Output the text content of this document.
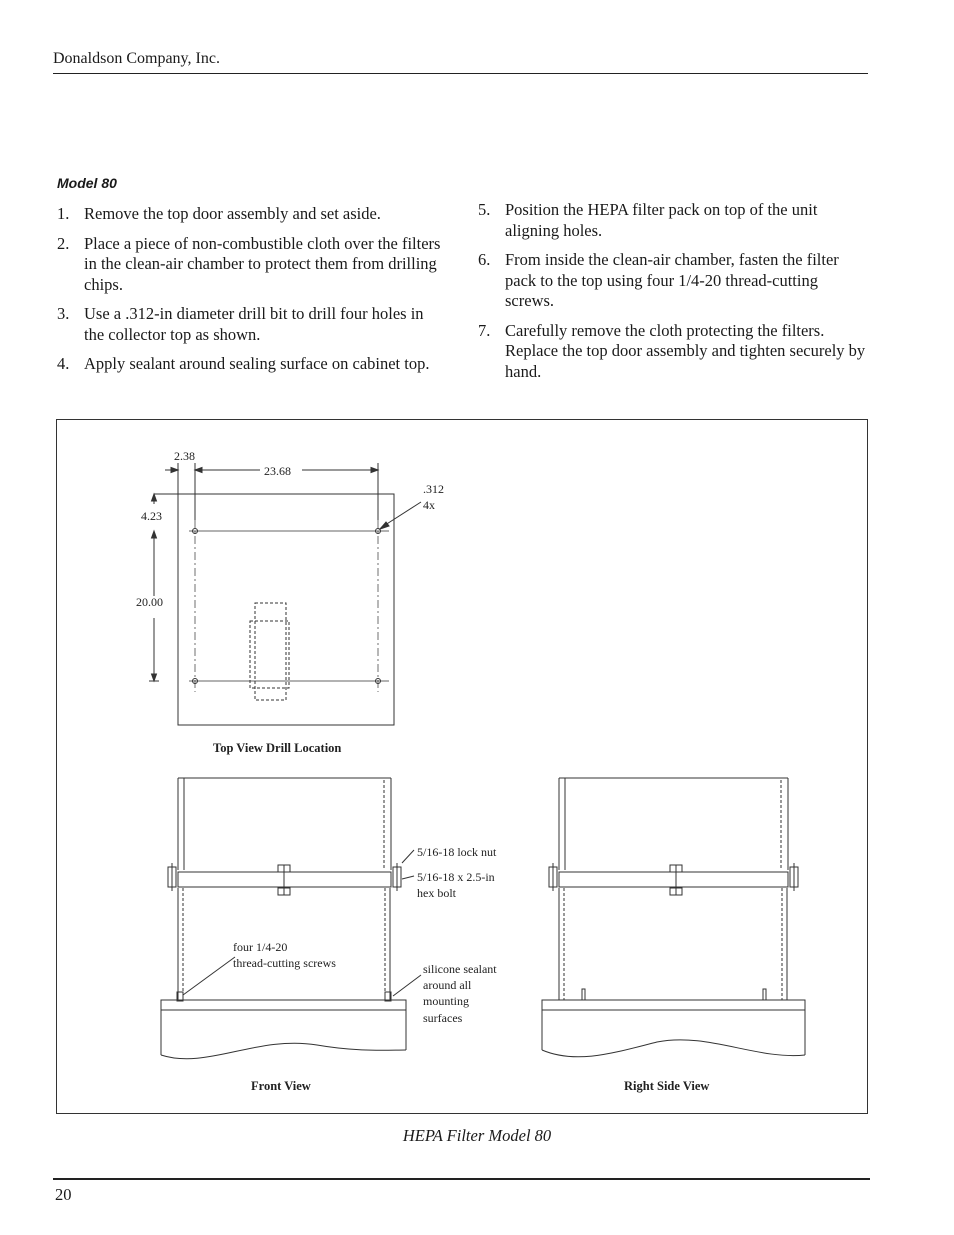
Donaldson Company, Inc.
Model 80
1. Remove the top door assembly and set aside.
2. Place a piece of non-combustible cloth over the filters in the clean-air chamber to protect them from drilling chips.
3. Use a .312-in diameter drill bit to drill four holes in the collector top as shown.
4. Apply sealant around sealing surface on cabinet top.
5. Position the HEPA filter pack on top of the unit aligning holes.
6. From inside the clean-air chamber, fasten the filter pack to the top using four 1/4-20 thread-cutting screws.
7. Carefully remove the cloth protecting the filters. Replace the top door assembly and tighten securely by hand.
2.38
23.68
4.23
20.00
.312
4x
Top View Drill Location
5/16-18 lock nut
5/16-18 x 2.5-in
hex bolt
four 1/4-20
thread-cutting screws	silicone sealant
around all
mounting
surfaces
Front View	Right Side View
HEPA Filter Model 80
20
